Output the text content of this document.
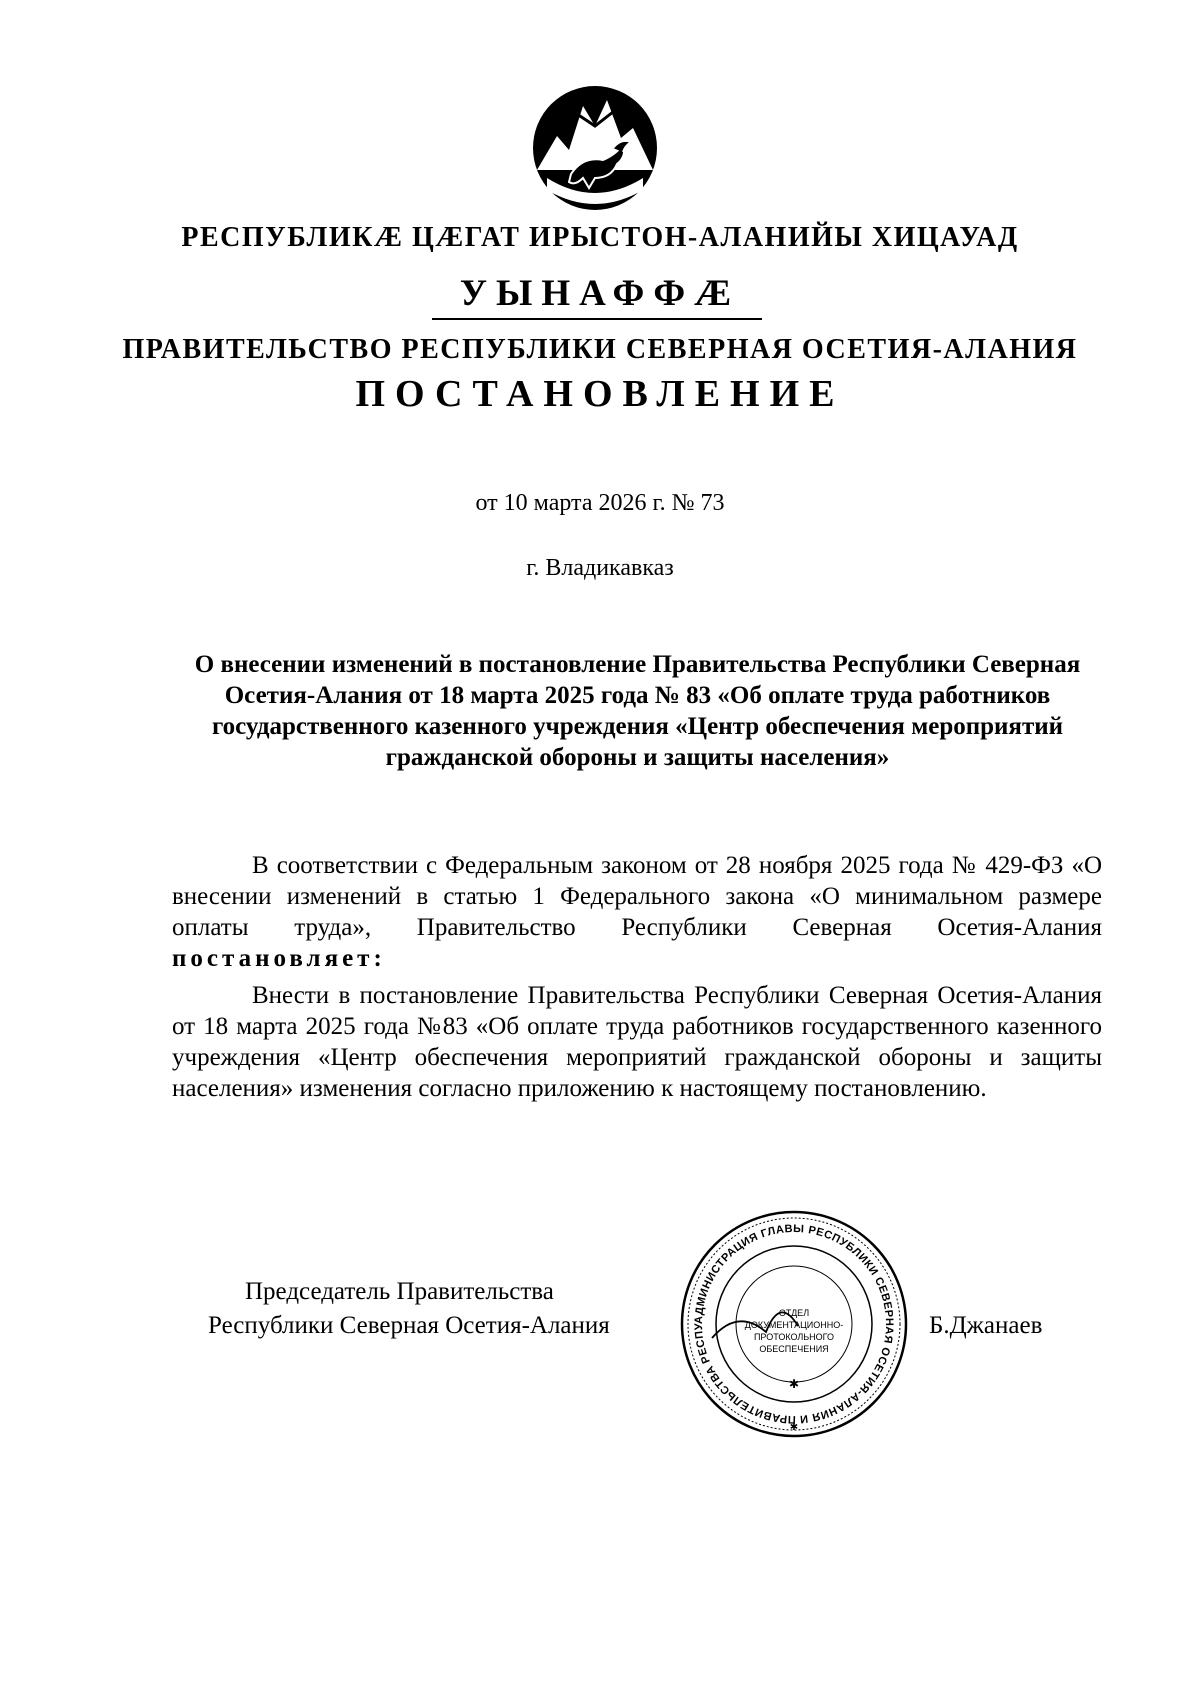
РЕСПУБЛИКӔ ЦӔГАТ ИРЫСТОН-АЛАНИЙЫ ХИЦАУАД
УЫНАФФӔ
ПРАВИТЕЛЬСТВО РЕСПУБЛИКИ СЕВЕРНАЯ ОСЕТИЯ-АЛАНИЯ
ПОСТАНОВЛЕНИЕ
от 10 марта 2026 г. № 73
г. Владикавказ
О внесении изменений в постановление Правительства Республики Северная Осетия-Алания от 18 марта 2025 года № 83 «Об оплате труда работников государственного казенного учреждения «Центр обеспечения мероприятий гражданской обороны и защиты населения»
В соответствии с Федеральным законом от 28 ноября 2025 года № 429-ФЗ «О внесении изменений в статью 1 Федерального закона «О минимальном размере оплаты труда», Правительство Республики Северная Осетия-Алания постановляет:
Внести в постановление Правительства Республики Северная Осетия-Алания от 18 марта 2025 года №83 «Об оплате труда работников государственного казенного учреждения «Центр обеспечения мероприятий гражданской обороны и защиты населения» изменения согласно приложению к настоящему постановлению.
Председатель Правительства
Республики Северная Осетия-Алания	Б.Джанаев
АДМИНИСТРАЦИЯ ГЛАВЫ РЕСПУБЛИКИ СЕВЕРНАЯ ОСЕТИЯ-АЛАНИЯ И ПРАВИТЕЛЬСТВА РЕСПУ
ОТДЕЛ
ДОКУМЕНТАЦИОННО-
ПРОТОКОЛЬНОГО
ОБЕСПЕЧЕНИЯ
✱
✱
